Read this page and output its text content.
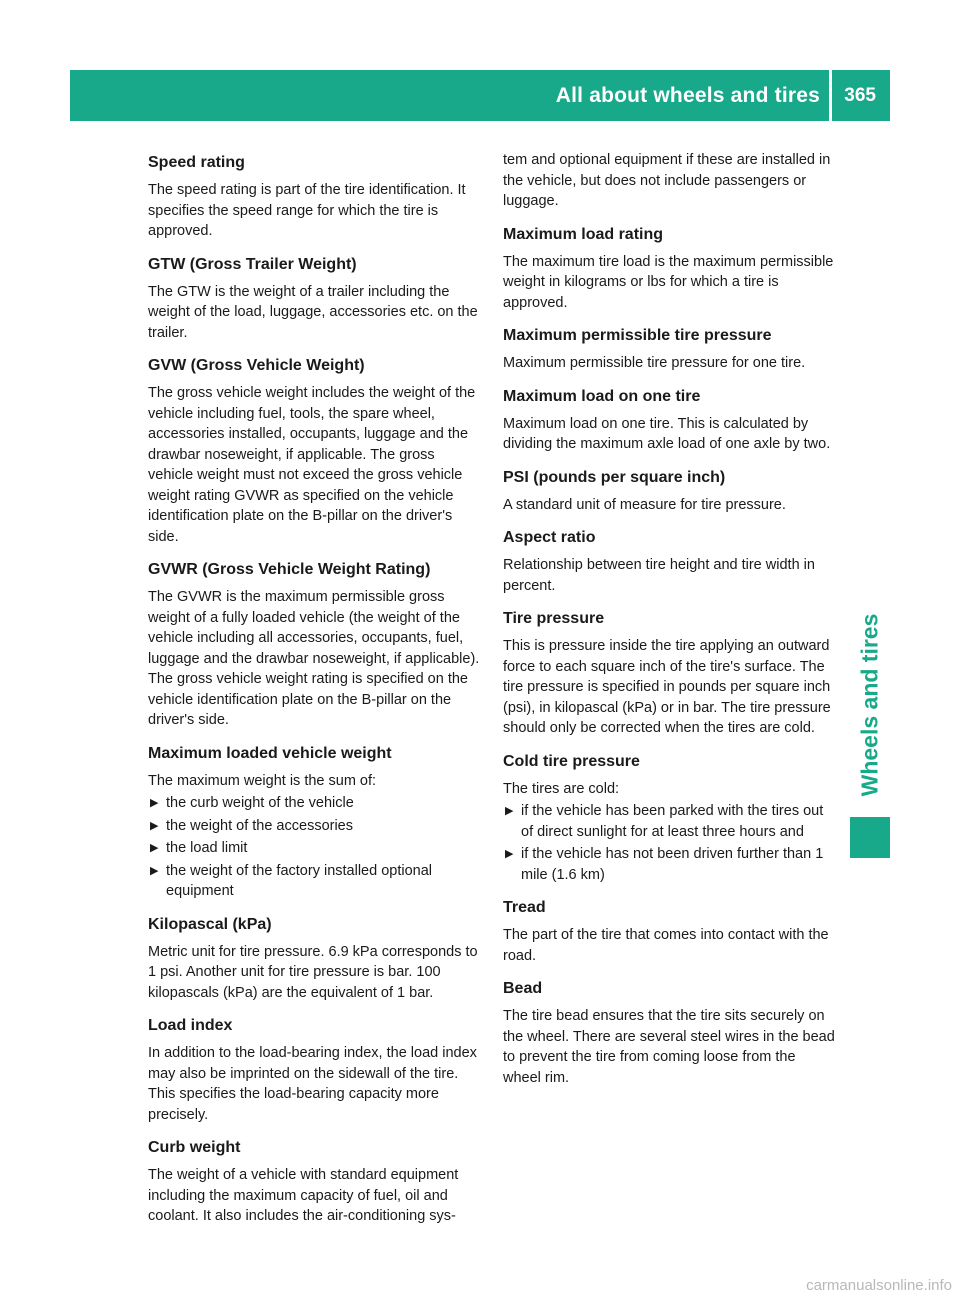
All about wheels and tires 365
Wheels and tires
Speed rating

The speed rating is part of the tire identification. It specifies the speed range for which the tire is approved.

GTW (Gross Trailer Weight)

The GTW is the weight of a trailer including the weight of the load, luggage, accessories etc. on the trailer.

GVW (Gross Vehicle Weight)

The gross vehicle weight includes the weight of the vehicle including fuel, tools, the spare wheel, accessories installed, occupants, luggage and the drawbar noseweight, if applicable. The gross vehicle weight must not exceed the gross vehicle weight rating GVWR as specified on the vehicle identification plate on the B-pillar on the driver's side.

GVWR (Gross Vehicle Weight Rating)

The GVWR is the maximum permissible gross weight of a fully loaded vehicle (the weight of the vehicle including all accessories, occupants, fuel, luggage and the drawbar noseweight, if applicable). The gross vehicle weight rating is specified on the vehicle identification plate on the B-pillar on the driver's side.

Maximum loaded vehicle weight

The maximum weight is the sum of:

▶ the curb weight of the vehicle
▶ the weight of the accessories
▶ the load limit
▶ the weight of the factory installed optional equipment
Kilopascal (kPa)

Metric unit for tire pressure. 6.9 kPa corresponds to 1 psi. Another unit for tire pressure is bar. 100 kilopascals (kPa) are the equivalent of 1 bar.

Load index

In addition to the load-bearing index, the load index may also be imprinted on the sidewall of the tire. This specifies the load-bearing capacity more precisely.

Curb weight

The weight of a vehicle with standard equipment including the maximum capacity of fuel, oil and coolant. It also includes the air-conditioning sys-

tem and optional equipment if these are installed in the vehicle, but does not include passengers or luggage.

Maximum load rating

The maximum tire load is the maximum permissible weight in kilograms or lbs for which a tire is approved.

Maximum permissible tire pressure

Maximum permissible tire pressure for one tire.

Maximum load on one tire

Maximum load on one tire. This is calculated by dividing the maximum axle load of one axle by two.

PSI (pounds per square inch)

A standard unit of measure for tire pressure.

Aspect ratio

Relationship between tire height and tire width in percent.

Tire pressure

This is pressure inside the tire applying an outward force to each square inch of the tire's surface. The tire pressure is specified in pounds per square inch (psi), in kilopascal (kPa) or in bar. The tire pressure should only be corrected when the tires are cold.

Cold tire pressure

The tires are cold:

▶ if the vehicle has been parked with the tires out of direct sunlight for at least three hours and
▶ if the vehicle has not been driven further than 1 mile (1.6 km)
Tread

The part of the tire that comes into contact with the road.

Bead

The tire bead ensures that the tire sits securely on the wheel. There are several steel wires in the bead to prevent the tire from coming loose from the wheel rim.

carmanualsonline.info
